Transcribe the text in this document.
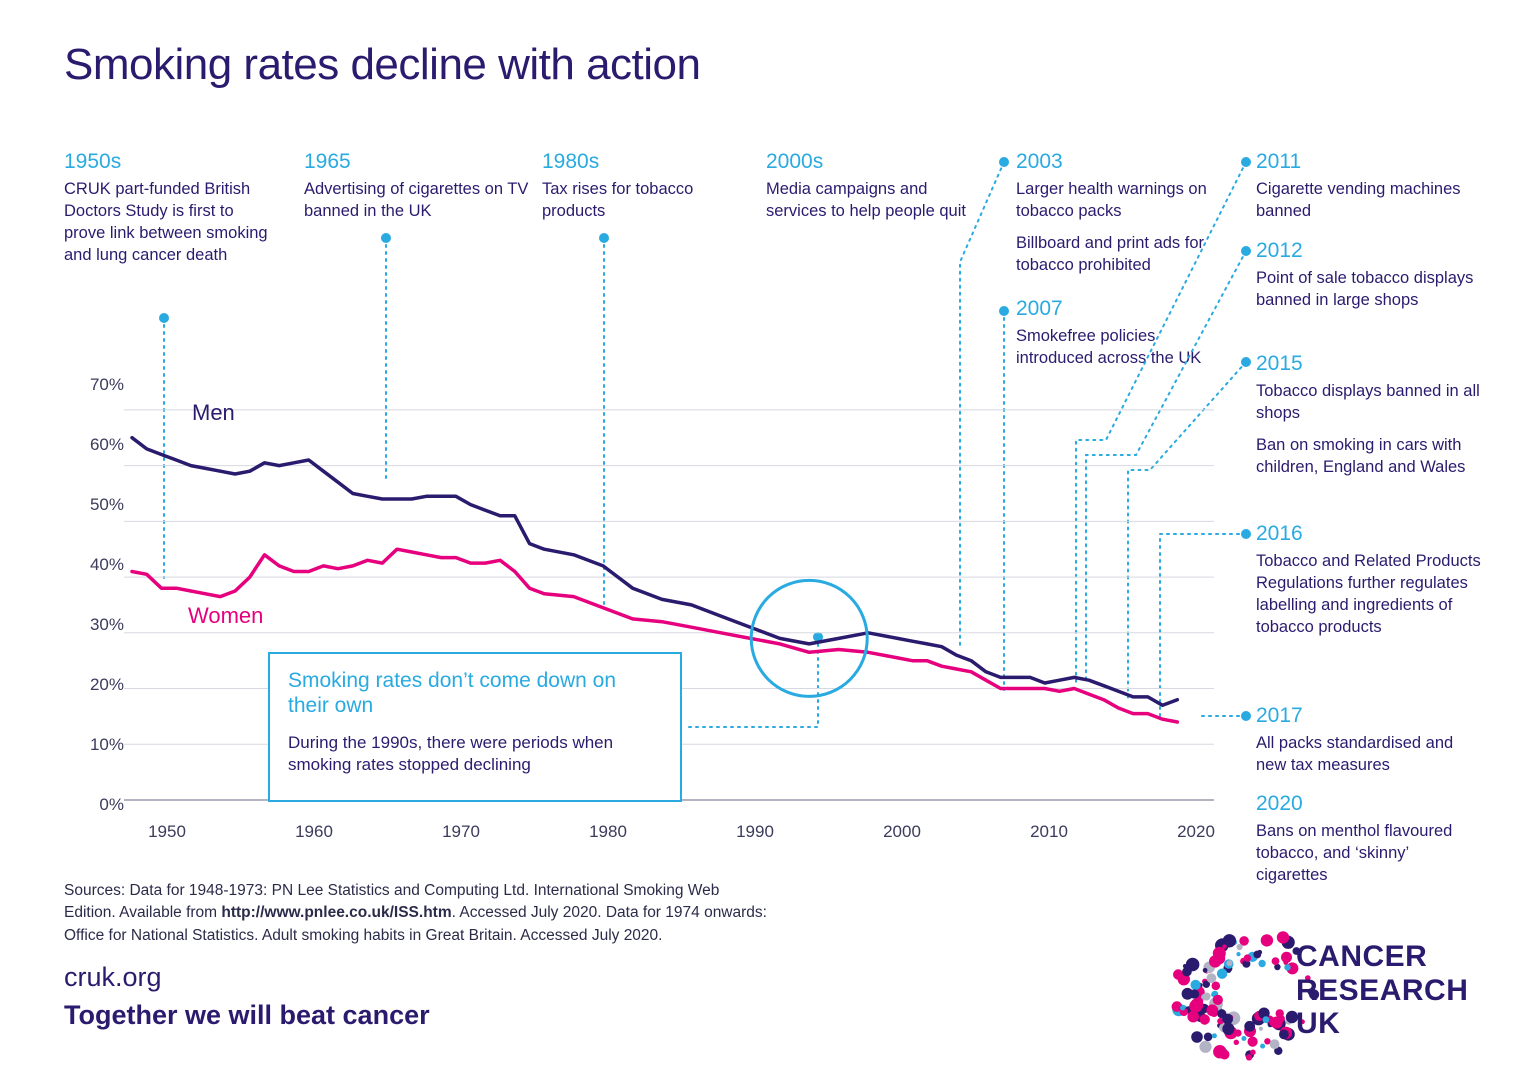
Smoking rates decline with action
1950s

CRUK part-funded British Doctors Study is first to prove link between smoking and lung cancer death

1965

Advertising of cigarettes on TV banned in the UK

1980s

Tax rises for tobacco products

2000s

Media campaigns and services to help people quit

2003

Larger health warnings on tobacco packs

Billboard and print ads for tobacco prohibited

2007

Smokefree policies introduced across the UK

2011

Cigarette vending machines banned

2012

Point of sale tobacco displays banned in large shops

2015

Tobacco displays banned in all shops

Ban on smoking in cars with children, England and Wales

2016

Tobacco and Related Products Regulations further regulates labelling and ingredients of tobacco products

2017

All packs standardised and new tax measures

2020

Bans on menthol flavoured tobacco, and ‘skinny’ cigarettes

70%
60%
50%
40%
30%
20%
10%
0%
1950	1960	1970	1980	1990	2000	2010	2020
Men
Women
Smoking rates don’t come down on their own

During the 1990s, there were periods when smoking rates stopped declining

Sources: Data for 1948-1973: PN Lee Statistics and Computing Ltd. International Smoking Web
Edition. Available from http://www.pnlee.co.uk/ISS.htm. Accessed July 2020. Data for 1974 onwards:
Office for National Statistics. Adult smoking habits in Great Britain. Accessed July 2020.
cruk.org
Together we will beat cancer
CANCER
RESEARCH
UK
